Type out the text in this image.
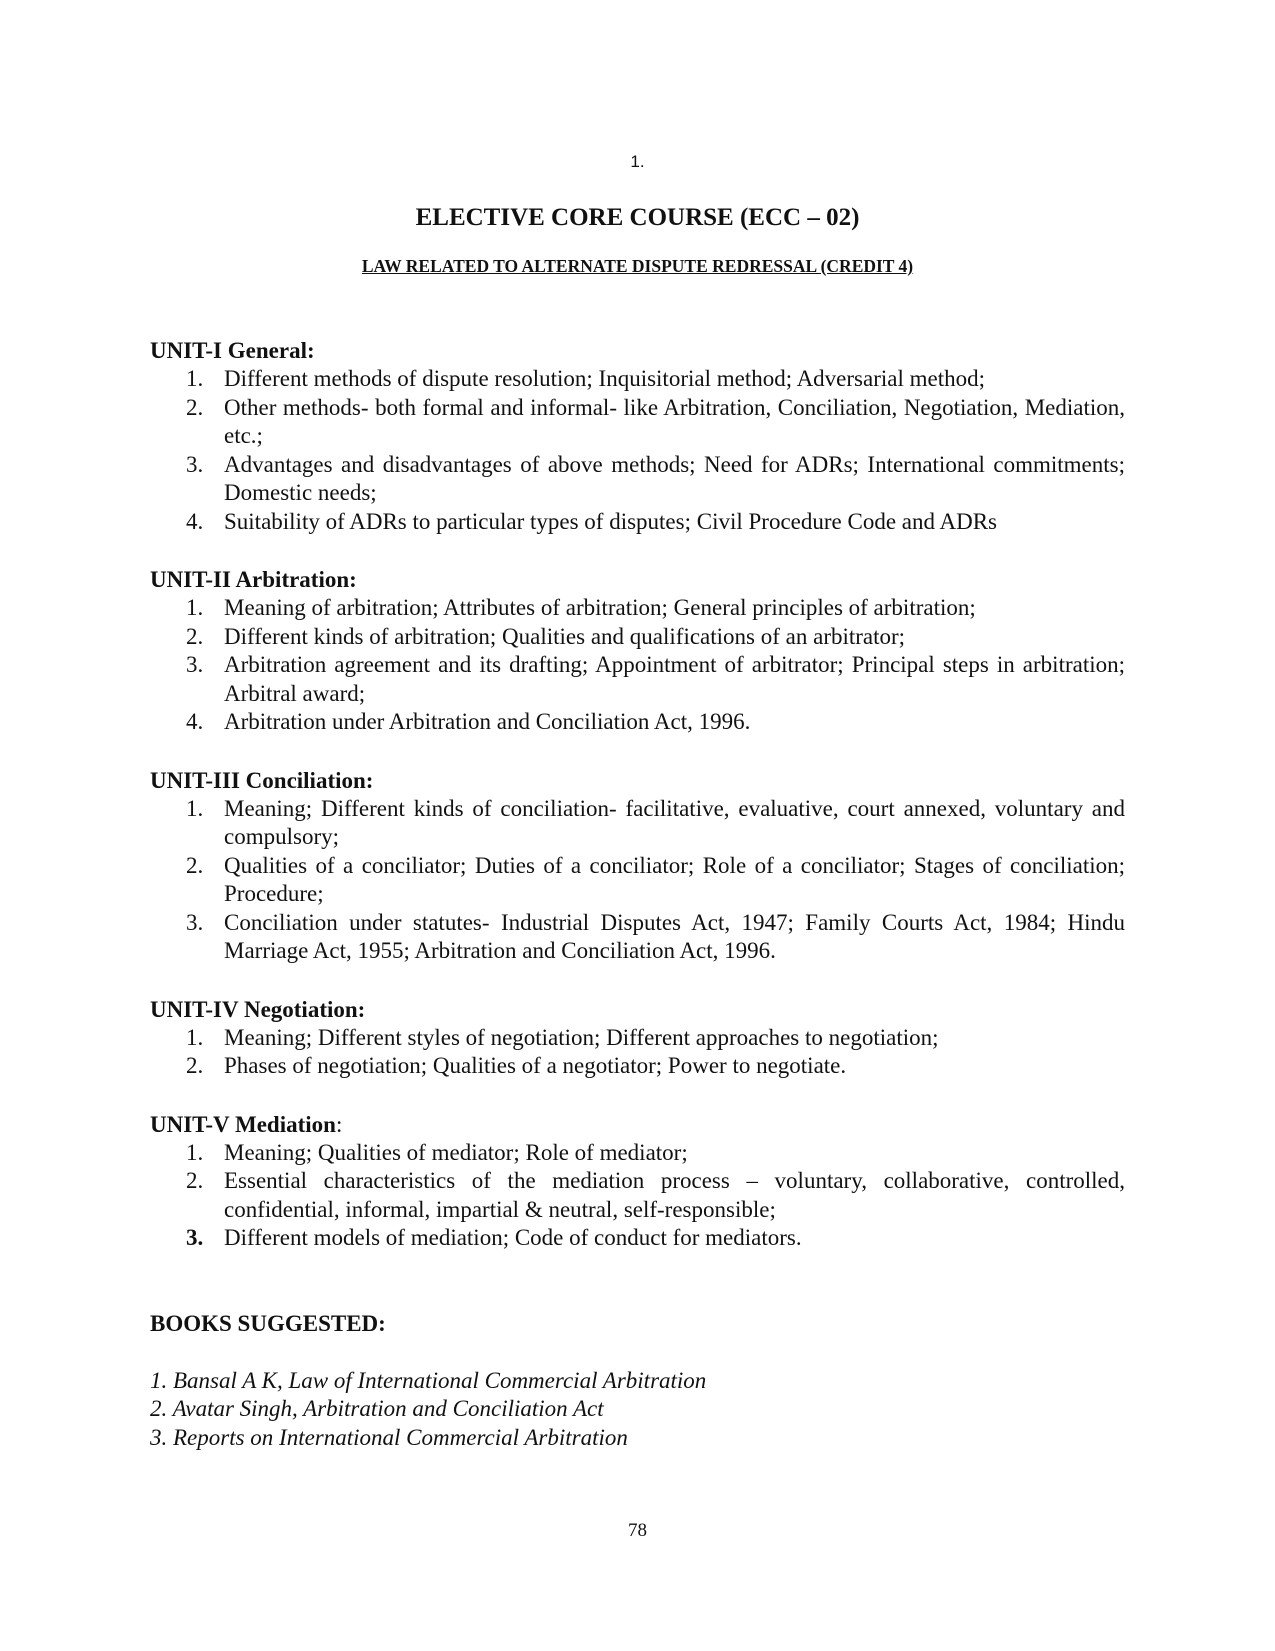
1.
ELECTIVE CORE COURSE (ECC – 02)
LAW RELATED TO ALTERNATE DISPUTE REDRESSAL (CREDIT 4)

UNIT-I General:

1. Different methods of dispute resolution; Inquisitorial method; Adversarial method;
2. Other methods- both formal and informal- like Arbitration, Conciliation, Negotiation, Mediation, etc.;
3. Advantages and disadvantages of above methods; Need for ADRs; International commitments; Domestic needs;
4. Suitability of ADRs to particular types of disputes; Civil Procedure Code and ADRs

UNIT-II Arbitration:

1. Meaning of arbitration; Attributes of arbitration; General principles of arbitration;
2. Different kinds of arbitration; Qualities and qualifications of an arbitrator;
3. Arbitration agreement and its drafting; Appointment of arbitrator; Principal steps in arbitration; Arbitral award;
4. Arbitration under Arbitration and Conciliation Act, 1996.

UNIT-III Conciliation:

1. Meaning; Different kinds of conciliation- facilitative, evaluative, court annexed, voluntary and compulsory;
2. Qualities of a conciliator; Duties of a conciliator; Role of a conciliator; Stages of conciliation; Procedure;
3. Conciliation under statutes- Industrial Disputes Act, 1947; Family Courts Act, 1984; Hindu Marriage Act, 1955; Arbitration and Conciliation Act, 1996.

UNIT-IV Negotiation:

1. Meaning; Different styles of negotiation; Different approaches to negotiation;
2. Phases of negotiation; Qualities of a negotiator; Power to negotiate.

UNIT-V Mediation:

1. Meaning; Qualities of mediator; Role of mediator;
2. Essential characteristics of the mediation process – voluntary, collaborative, controlled, confidential, informal, impartial & neutral, self-responsible;
3. Different models of mediation; Code of conduct for mediators.

BOOKS SUGGESTED:

1. Bansal A K, Law of International Commercial Arbitration
2. Avatar Singh, Arbitration and Conciliation Act
3. Reports on International Commercial Arbitration
78
